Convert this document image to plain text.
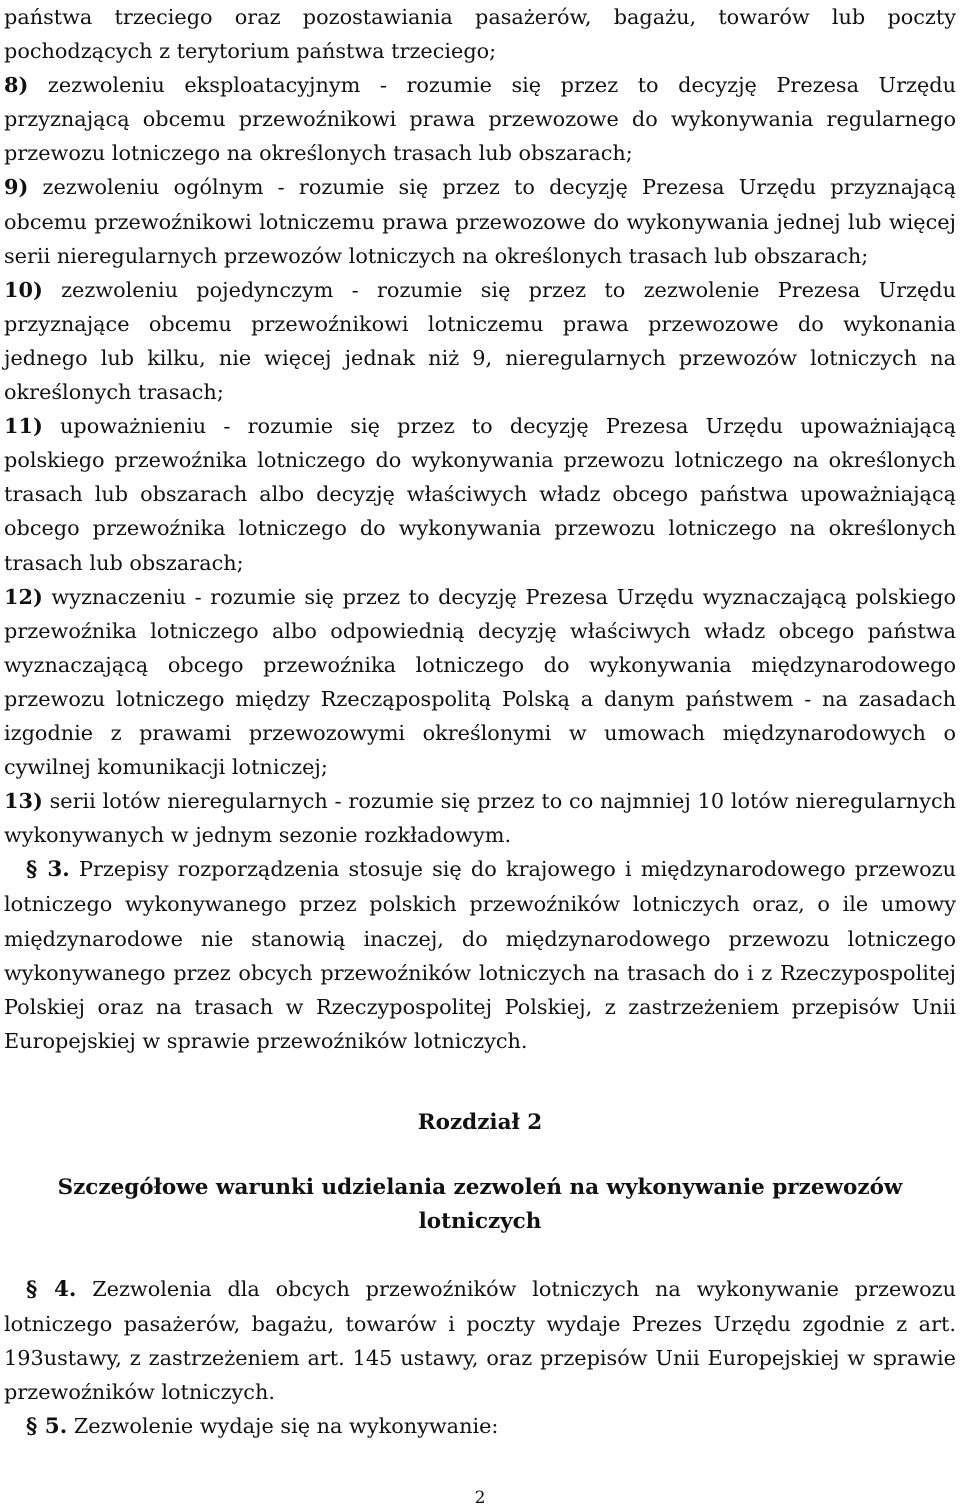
państwa trzeciego oraz pozostawiania pasażerów, bagażu, towarów lub poczty pochodzących z terytorium państwa trzeciego;

8) zezwoleniu eksploatacyjnym - rozumie się przez to decyzję Prezesa Urzędu przyznającą obcemu przewoźnikowi prawa przewozowe do wykonywania regularnego przewozu lotniczego na określonych trasach lub obszarach;

9) zezwoleniu ogólnym - rozumie się przez to decyzję Prezesa Urzędu przyznającą obcemu przewoźnikowi lotniczemu prawa przewozowe do wykonywania jednej lub więcej serii nieregularnych przewozów lotniczych na określonych trasach lub obszarach;

10) zezwoleniu pojedynczym - rozumie się przez to zezwolenie Prezesa Urzędu przyznające obcemu przewoźnikowi lotniczemu prawa przewozowe do wykonania jednego lub kilku, nie więcej jednak niż 9, nieregularnych przewozów lotniczych na określonych trasach;

11) upoważnieniu - rozumie się przez to decyzję Prezesa Urzędu upoważniającą polskiego przewoźnika lotniczego do wykonywania przewozu lotniczego na określonych trasach lub obszarach albo decyzję właściwych władz obcego państwa upoważniającą obcego przewoźnika lotniczego do wykonywania przewozu lotniczego na określonych trasach lub obszarach;

12) wyznaczeniu - rozumie się przez to decyzję Prezesa Urzędu wyznaczającą polskiego przewoźnika lotniczego albo odpowiednią decyzję właściwych władz obcego państwa wyznaczającą obcego przewoźnika lotniczego do wykonywania międzynarodowego przewozu lotniczego między Rzecząpospolitą Polską a danym państwem - na zasadach izgodnie z prawami przewozowymi określonymi w umowach międzynarodowych o cywilnej komunikacji lotniczej;

13) serii lotów nieregularnych - rozumie się przez to co najmniej 10 lotów nieregularnych wykonywanych w jednym sezonie rozkładowym.

§ 3. Przepisy rozporządzenia stosuje się do krajowego i międzynarodowego przewozu lotniczego wykonywanego przez polskich przewoźników lotniczych oraz, o ile umowy międzynarodowe nie stanowią inaczej, do międzynarodowego przewozu lotniczego wykonywanego przez obcych przewoźników lotniczych na trasach do i z Rzeczypospolitej Polskiej oraz na trasach w Rzeczypospolitej Polskiej, z zastrzeżeniem przepisów Unii Europejskiej w sprawie przewoźników lotniczych.

Rozdział 2

Szczegółowe warunki udzielania zezwoleń na wykonywanie przewozów lotniczych

§ 4. Zezwolenia dla obcych przewoźników lotniczych na wykonywanie przewozu lotniczego pasażerów, bagażu, towarów i poczty wydaje Prezes Urzędu zgodnie z art. 193ustawy, z zastrzeżeniem art. 145 ustawy, oraz przepisów Unii Europejskiej w sprawie przewoźników lotniczych.

§ 5. Zezwolenie wydaje się na wykonywanie:

2
